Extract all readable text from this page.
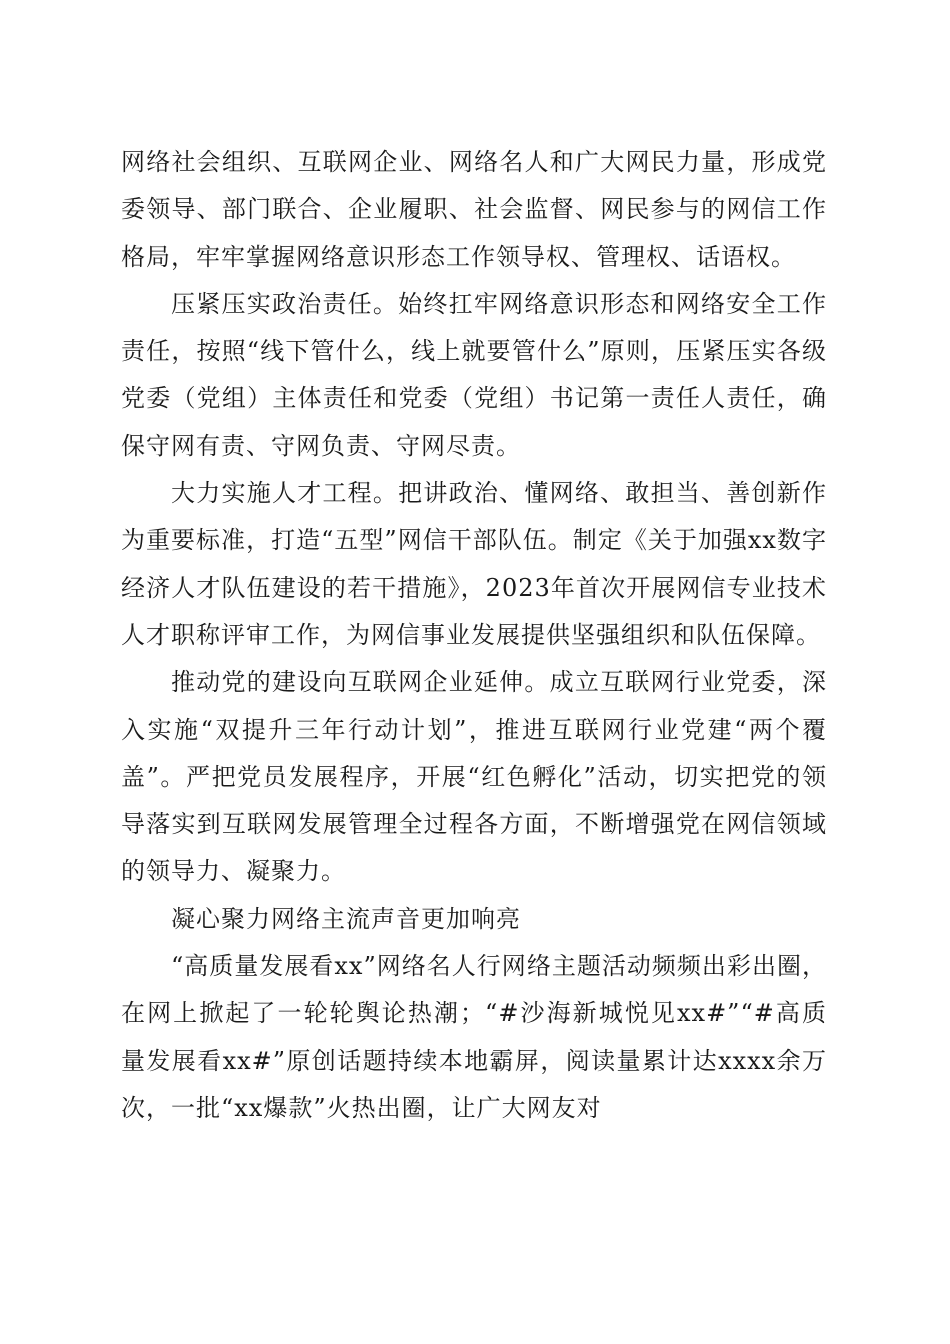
网络社会组织、互联网企业、网络名人和广大网民力量，形成党委领导、部门联合、企业履职、社会监督、网民参与的网信工作格局，牢牢掌握网络意识形态工作领导权、管理权、话语权。

压紧压实政治责任。始终扛牢网络意识形态和网络安全工作责任，按照“线下管什么，线上就要管什么”原则，压紧压实各级党委（党组）主体责任和党委（党组）书记第一责任人责任，确保守网有责、守网负责、守网尽责。

大力实施人才工程。把讲政治、懂网络、敢担当、善创新作为重要标准，打造“五型”网信干部队伍。制定《关于加强xx数字经济人才队伍建设的若干措施》，2023年首次开展网信专业技术人才职称评审工作，为网信事业发展提供坚强组织和队伍保障。

推动党的建设向互联网企业延伸。成立互联网行业党委，深入实施“双提升三年行动计划”，推进互联网行业党建“两个覆盖”。严把党员发展程序，开展“红色孵化”活动，切实把党的领导落实到互联网发展管理全过程各方面，不断增强党在网信领域的领导力、凝聚力。

凝心聚力网络主流声音更加响亮

“高质量发展看xx”网络名人行网络主题活动频频出彩出圈，在网上掀起了一轮轮舆论热潮；“#沙海新城悦见xx#”“#高质量发展看xx#”原创话题持续本地霸屏，阅读量累计达xxxx余万次，一批“xx爆款”火热出圈，让广大网友对
